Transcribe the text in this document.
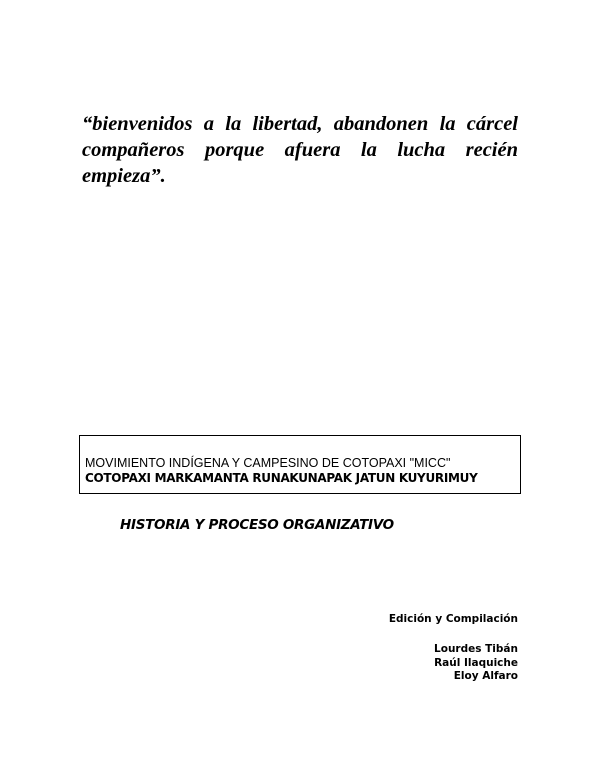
“bienvenidos a la libertad, abandonen la cárcel
compañeros porque afuera la lucha recién empieza”.
MOVIMIENTO INDÍGENA Y CAMPESINO DE COTOPAXI "MICC"
COTOPAXI MARKAMANTA RUNAKUNAPAK JATUN KUYURIMUY
HISTORIA Y PROCESO ORGANIZATIVO
Edición y Compilación
Lourdes Tibán
Raúl Ilaquiche
Eloy Alfaro
